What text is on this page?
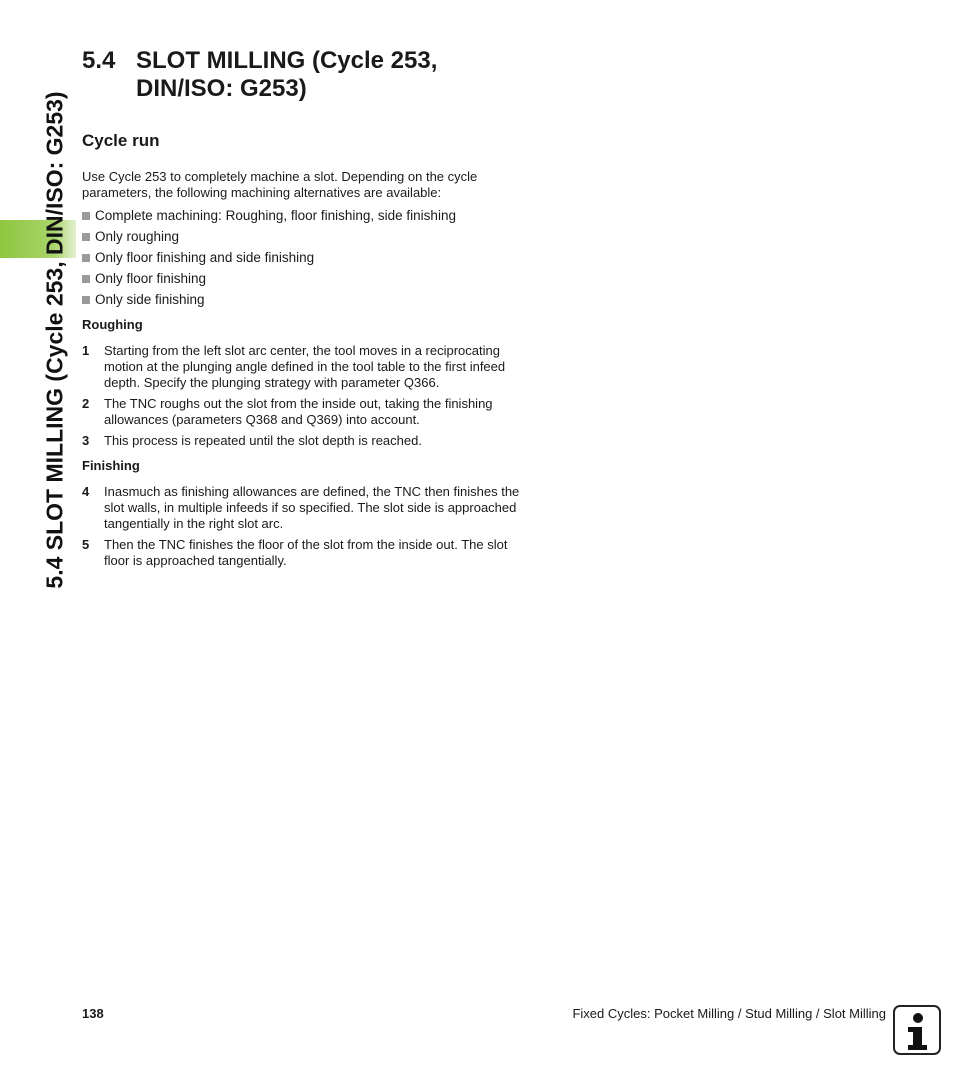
5.4 SLOT MILLING (Cycle 253, DIN/ISO: G253)
5.4 SLOT MILLING (Cycle 253,
DIN/ISO: G253)
Cycle run

Use Cycle 253 to completely machine a slot. Depending on the cycle parameters, the following machining alternatives are available:

Complete machining: Roughing, floor finishing, side finishing
Only roughing
Only floor finishing and side finishing
Only floor finishing
Only side finishing
Roughing
1	Starting from the left slot arc center, the tool moves in a reciprocating motion at the plunging angle defined in the tool table to the first infeed depth. Specify the plunging strategy with parameter Q366.
2	The TNC roughs out the slot from the inside out, taking the finishing allowances (parameters Q368 and Q369) into account.
3	This process is repeated until the slot depth is reached.
Finishing
4	Inasmuch as finishing allowances are defined, the TNC then finishes the slot walls, in multiple infeeds if so specified. The slot side is approached tangentially in the right slot arc.
5	Then the TNC finishes the floor of the slot from the inside out. The slot floor is approached tangentially.
138	Fixed Cycles: Pocket Milling / Stud Milling / Slot Milling
